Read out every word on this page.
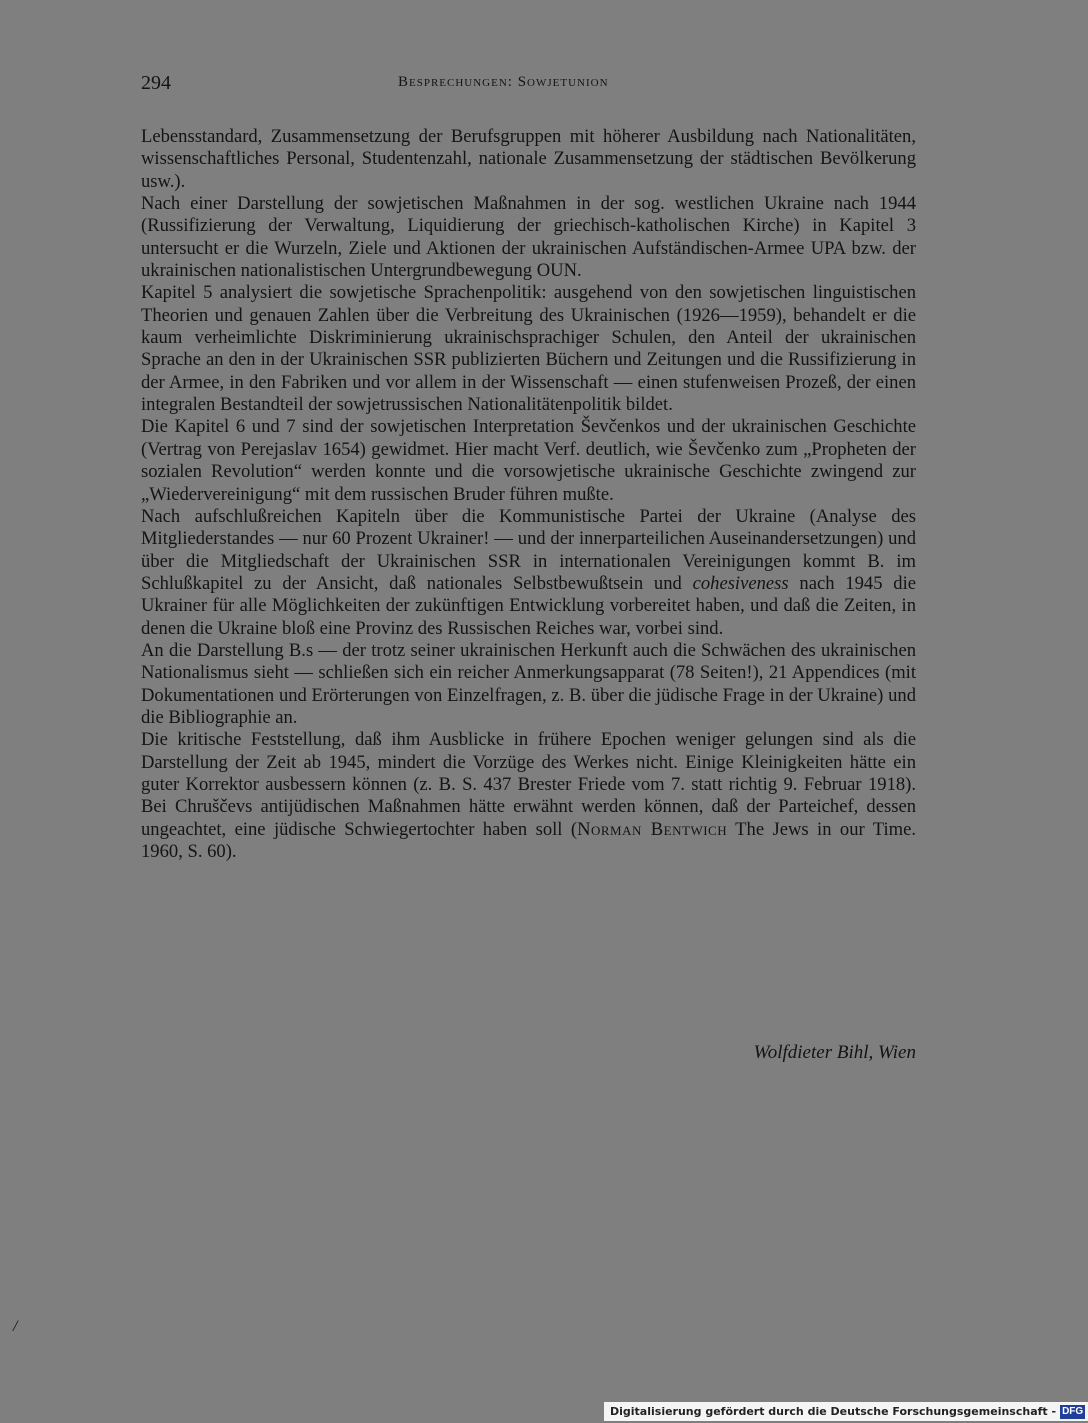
294	Besprechungen: Sowjetunion

Lebensstandard, Zusammensetzung der Berufsgruppen mit höherer Ausbildung nach Nationalitäten, wissenschaftliches Personal, Studentenzahl, nationale Zusammensetzung der städtischen Bevölkerung usw.).

Nach einer Darstellung der sowjetischen Maßnahmen in der sog. westlichen Ukraine nach 1944 (Russifizierung der Verwaltung, Liquidierung der griechisch-katholischen Kirche) in Kapitel 3 untersucht er die Wurzeln, Ziele und Aktionen der ukrainischen Aufständischen-Armee UPA bzw. der ukrainischen nationalistischen Untergrundbewegung OUN.

Kapitel 5 analysiert die sowjetische Sprachenpolitik: ausgehend von den sowjetischen linguistischen Theorien und genauen Zahlen über die Verbreitung des Ukrainischen (1926—1959), behandelt er die kaum verheimlichte Diskriminierung ukrainischsprachiger Schulen, den Anteil der ukrainischen Sprache an den in der Ukrainischen SSR publizierten Büchern und Zeitungen und die Russifizierung in der Armee, in den Fabriken und vor allem in der Wissenschaft — einen stufenweisen Prozeß, der einen integralen Bestandteil der sowjetrussischen Nationalitätenpolitik bildet.

Die Kapitel 6 und 7 sind der sowjetischen Interpretation Ševčenkos und der ukrainischen Geschichte (Vertrag von Perejaslav 1654) gewidmet. Hier macht Verf. deutlich, wie Ševčenko zum „Propheten der sozialen Revolution“ werden konnte und die vorsowjetische ukrainische Geschichte zwingend zur „Wiedervereinigung“ mit dem russischen Bruder führen mußte.

Nach aufschlußreichen Kapiteln über die Kommunistische Partei der Ukraine (Analyse des Mitgliederstandes — nur 60 Prozent Ukrainer! — und der innerparteilichen Auseinandersetzungen) und über die Mitgliedschaft der Ukrainischen SSR in internationalen Vereinigungen kommt B. im Schlußkapitel zu der Ansicht, daß nationales Selbstbewußtsein und cohesiveness nach 1945 die Ukrainer für alle Möglichkeiten der zukünftigen Entwicklung vorbereitet haben, und daß die Zeiten, in denen die Ukraine bloß eine Provinz des Russischen Reiches war, vorbei sind.

An die Darstellung B.s — der trotz seiner ukrainischen Herkunft auch die Schwächen des ukrainischen Nationalismus sieht — schließen sich ein reicher Anmerkungsapparat (78 Seiten!), 21 Appendices (mit Dokumentationen und Erörterungen von Einzelfragen, z. B. über die jüdische Frage in der Ukraine) und die Bibliographie an.

Die kritische Feststellung, daß ihm Ausblicke in frühere Epochen weniger gelungen sind als die Darstellung der Zeit ab 1945, mindert die Vorzüge des Werkes nicht. Einige Kleinigkeiten hätte ein guter Korrektor ausbessern können (z. B. S. 437 Brester Friede vom 7. statt richtig 9. Februar 1918). Bei Chruščevs antijüdischen Maßnahmen hätte erwähnt werden können, daß der Parteichef, dessen ungeachtet, eine jüdische Schwiegertochter haben soll (Norman Bentwich The Jews in our Time. 1960, S. 60).

Wolfdieter Bihl, Wien
/
Digitalisierung gefördert durch die Deutsche Forschungsgemeinschaft - DFG
